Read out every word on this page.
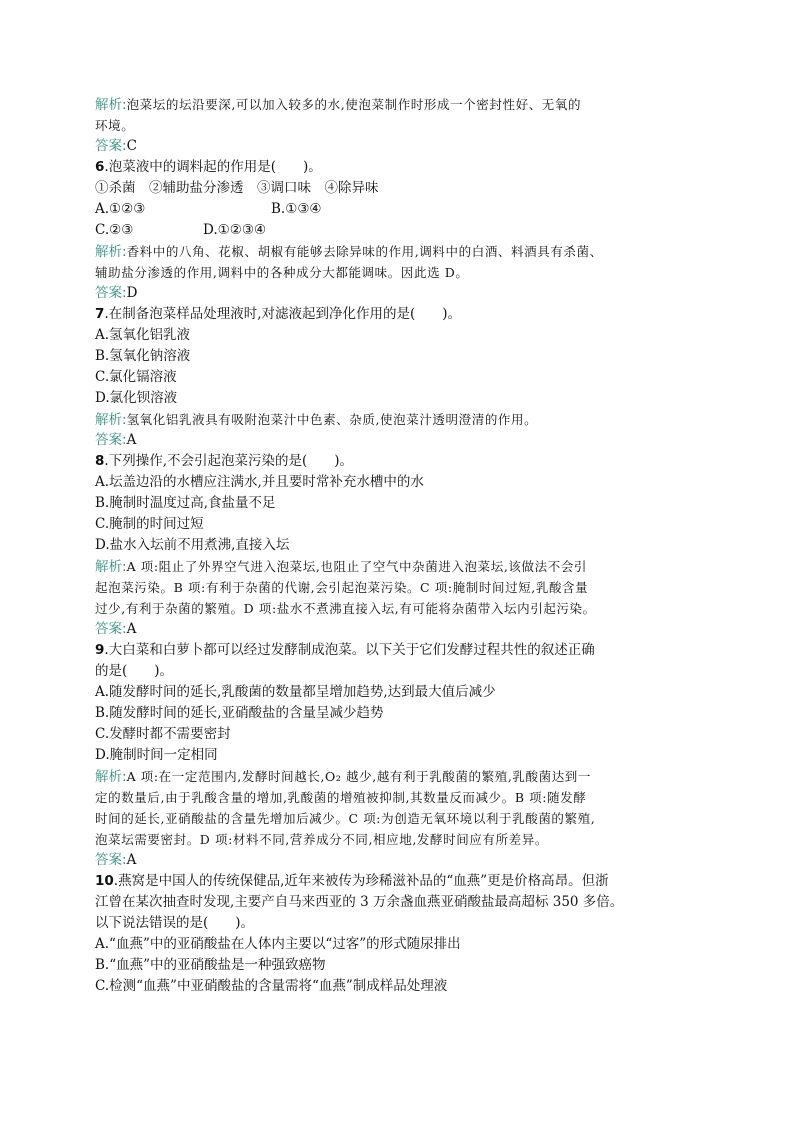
解析:泡菜坛的坛沿要深,可以加入较多的水,使泡菜制作时形成一个密封性好、无氧的
环境。
答案:C
6.泡菜液中的调料起的作用是(　　)。
①杀菌　②辅助盐分渗透　③调口味　④除异味
A.①②③	B.①③④
C.②③	D.①②③④
解析:香料中的八角、花椒、胡椒有能够去除异味的作用,调料中的白酒、料酒具有杀菌、
辅助盐分渗透的作用,调料中的各种成分大都能调味。因此选 D。
答案:D
7.在制备泡菜样品处理液时,对滤液起到净化作用的是(　　)。
A.氢氧化铝乳液
B.氢氧化钠溶液
C.氯化镉溶液
D.氯化钡溶液
解析:氢氧化铝乳液具有吸附泡菜汁中色素、杂质,使泡菜汁透明澄清的作用。
答案:A
8.下列操作,不会引起泡菜污染的是(　　)。
A.坛盖边沿的水槽应注满水,并且要时常补充水槽中的水
B.腌制时温度过高,食盐量不足
C.腌制的时间过短
D.盐水入坛前不用煮沸,直接入坛
解析:A 项:阻止了外界空气进入泡菜坛,也阻止了空气中杂菌进入泡菜坛,该做法不会引
起泡菜污染。B 项:有利于杂菌的代谢,会引起泡菜污染。C 项:腌制时间过短,乳酸含量
过少,有利于杂菌的繁殖。D 项:盐水不煮沸直接入坛,有可能将杂菌带入坛内引起污染。
答案:A
9.大白菜和白萝卜都可以经过发酵制成泡菜。以下关于它们发酵过程共性的叙述正确
的是(　　)。
A.随发酵时间的延长,乳酸菌的数量都呈增加趋势,达到最大值后减少
B.随发酵时间的延长,亚硝酸盐的含量呈减少趋势
C.发酵时都不需要密封
D.腌制时间一定相同
解析:A 项:在一定范围内,发酵时间越长,O₂ 越少,越有利于乳酸菌的繁殖,乳酸菌达到一
定的数量后,由于乳酸含量的增加,乳酸菌的增殖被抑制,其数量反而减少。B 项:随发酵
时间的延长,亚硝酸盐的含量先增加后减少。C 项:为创造无氧环境以利于乳酸菌的繁殖,
泡菜坛需要密封。D 项:材料不同,营养成分不同,相应地,发酵时间应有所差异。
答案:A
10.燕窝是中国人的传统保健品,近年来被传为珍稀滋补品的“血燕”更是价格高昂。但浙
江曾在某次抽查时发现,主要产自马来西亚的 3 万余盏血燕亚硝酸盐最高超标 350 多倍。
以下说法错误的是(　　)。
A.“血燕”中的亚硝酸盐在人体内主要以“过客”的形式随尿排出
B.“血燕”中的亚硝酸盐是一种强致癌物
C.检测“血燕”中亚硝酸盐的含量需将“血燕”制成样品处理液
